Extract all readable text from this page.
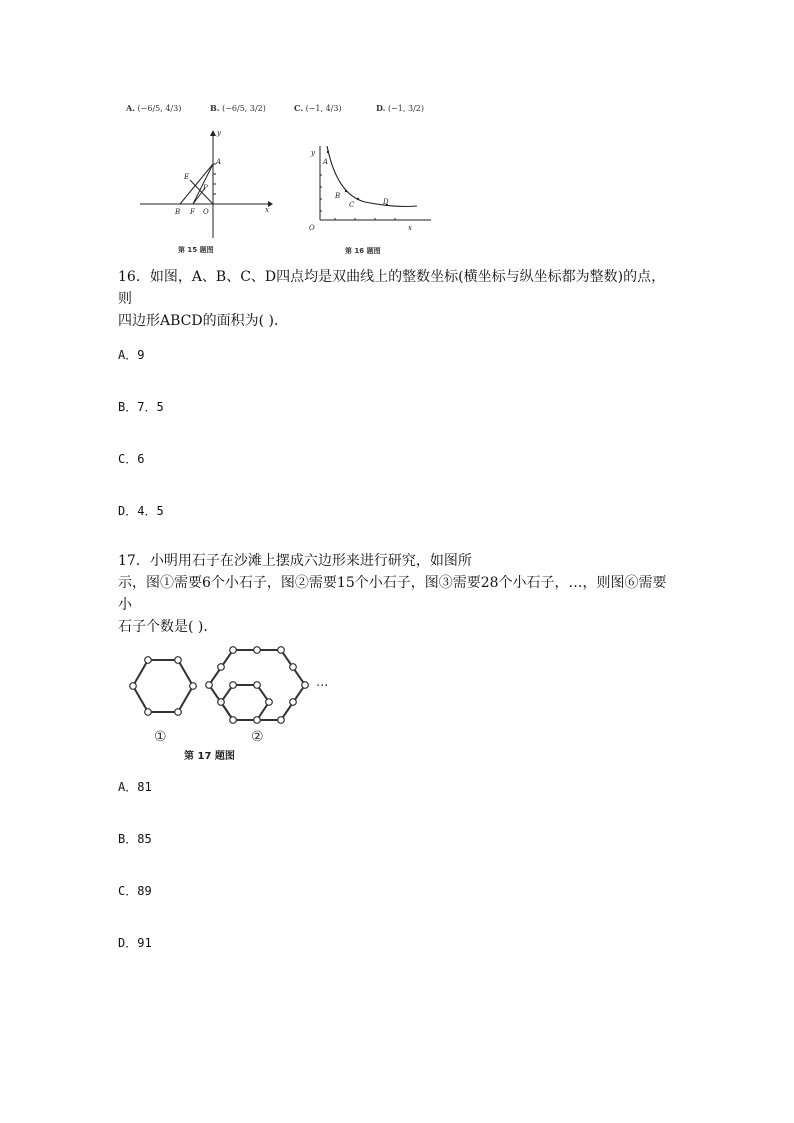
A. (−6/5, 4/3)	B. (−6/5, 3/2)	C. (−1, 4/3)	D. (−1, 3/2)
A
E
P
B F O	x
y
第 15 题图
A
B
C	D
y
x
O
第 16 题图
16．如图，A、B、C、D四点均是双曲线上的整数坐标(横坐标与纵坐标都为整数)的点，则
四边形ABCD的面积为( )．
A．9
B．7．5
C．6
D．4．5
17．小明用石子在沙滩上摆成六边形来进行研究，如图所
示，图①需要6个小石子，图②需要15个小石子，图③需要28个小石子，…，则图⑥需要小
石子个数是( )．
···
①	②
第 17 题图
A．81
B．85
C．89
D．91
